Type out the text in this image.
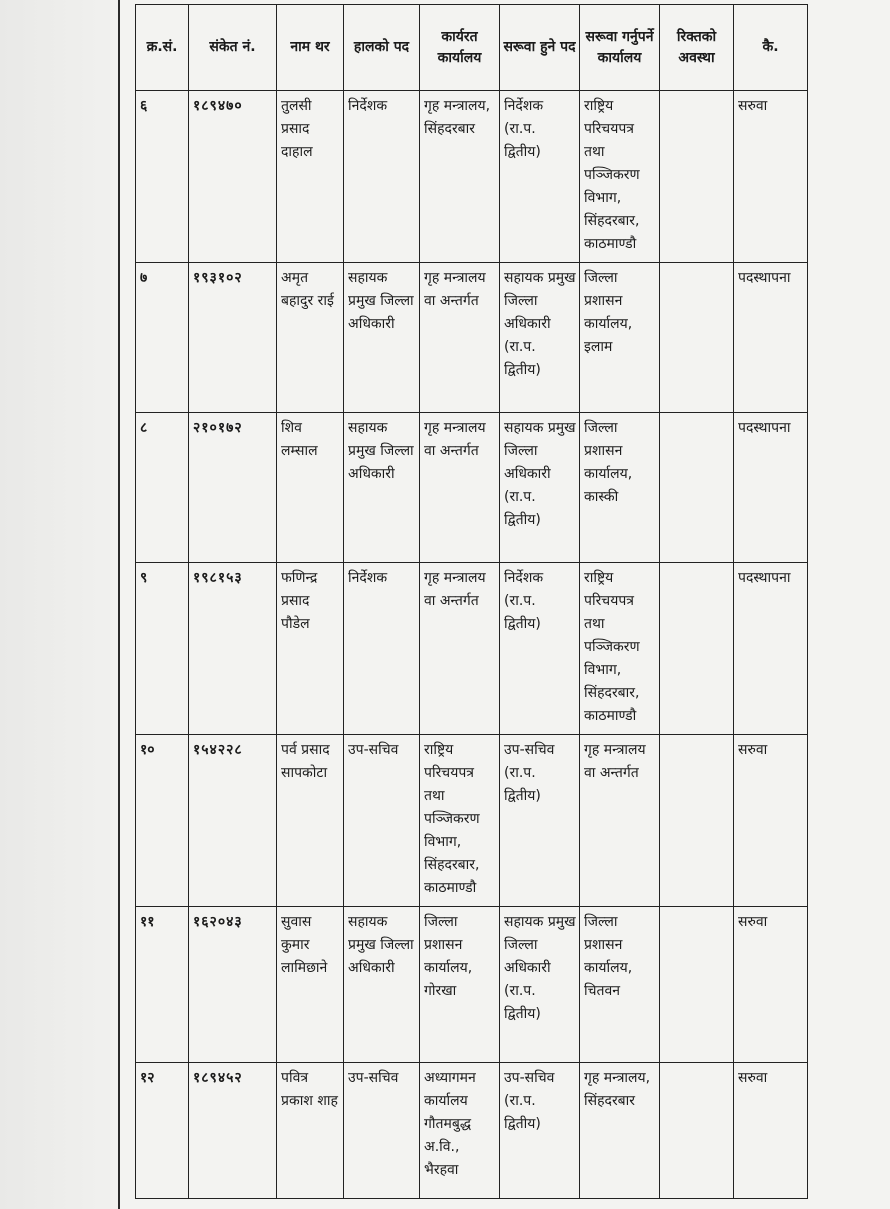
क्र.सं.	संकेत नं.	नाम थर	हालको पद	कार्यरत कार्यालय	सरूवा हुने पद	सरूवा गर्नुपर्ने कार्यालय	रिक्तको अवस्था	कै.
६	१८९४७०	तुलसी प्रसाद दाहाल	निर्देशक	गृह मन्त्रालय, सिंहदरबार	निर्देशक (रा.प. द्वितीय)	राष्ट्रिय परिचयपत्र तथा पञ्जिकरण विभाग, सिंहदरबार, काठमाण्डौ		सरुवा
७	१९३१०२	अमृत बहादुर राई	सहायक प्रमुख जिल्ला अधिकारी	गृह मन्त्रालय वा अन्तर्गत	सहायक प्रमुख जिल्ला अधिकारी (रा.प. द्वितीय)	जिल्ला प्रशासन कार्यालय, इलाम		पदस्थापना
८	२१०१७२	शिव लम्साल	सहायक प्रमुख जिल्ला अधिकारी	गृह मन्त्रालय वा अन्तर्गत	सहायक प्रमुख जिल्ला अधिकारी (रा.प. द्वितीय)	जिल्ला प्रशासन कार्यालय, कास्की		पदस्थापना
९	१९८१५३	फणिन्द्र प्रसाद पौडेल	निर्देशक	गृह मन्त्रालय वा अन्तर्गत	निर्देशक (रा.प. द्वितीय)	राष्ट्रिय परिचयपत्र तथा पञ्जिकरण विभाग, सिंहदरबार, काठमाण्डौ		पदस्थापना
१०	१५४२२८	पर्व प्रसाद सापकोटा	उप-सचिव	राष्ट्रिय परिचयपत्र तथा पञ्जिकरण विभाग, सिंहदरबार, काठमाण्डौ	उप-सचिव (रा.प. द्वितीय)	गृह मन्त्रालय वा अन्तर्गत		सरुवा
११	१६२०४३	सुवास कुमार लामिछाने	सहायक प्रमुख जिल्ला अधिकारी	जिल्ला प्रशासन कार्यालय, गोरखा	सहायक प्रमुख जिल्ला अधिकारी (रा.प. द्वितीय)	जिल्ला प्रशासन कार्यालय, चितवन		सरुवा
१२	१८९४५२	पवित्र प्रकाश शाह	उप-सचिव	अध्यागमन कार्यालय गौतमबुद्ध अ.वि., भैरहवा	उप-सचिव (रा.प. द्वितीय)	गृह मन्त्रालय, सिंहदरबार		सरुवा
